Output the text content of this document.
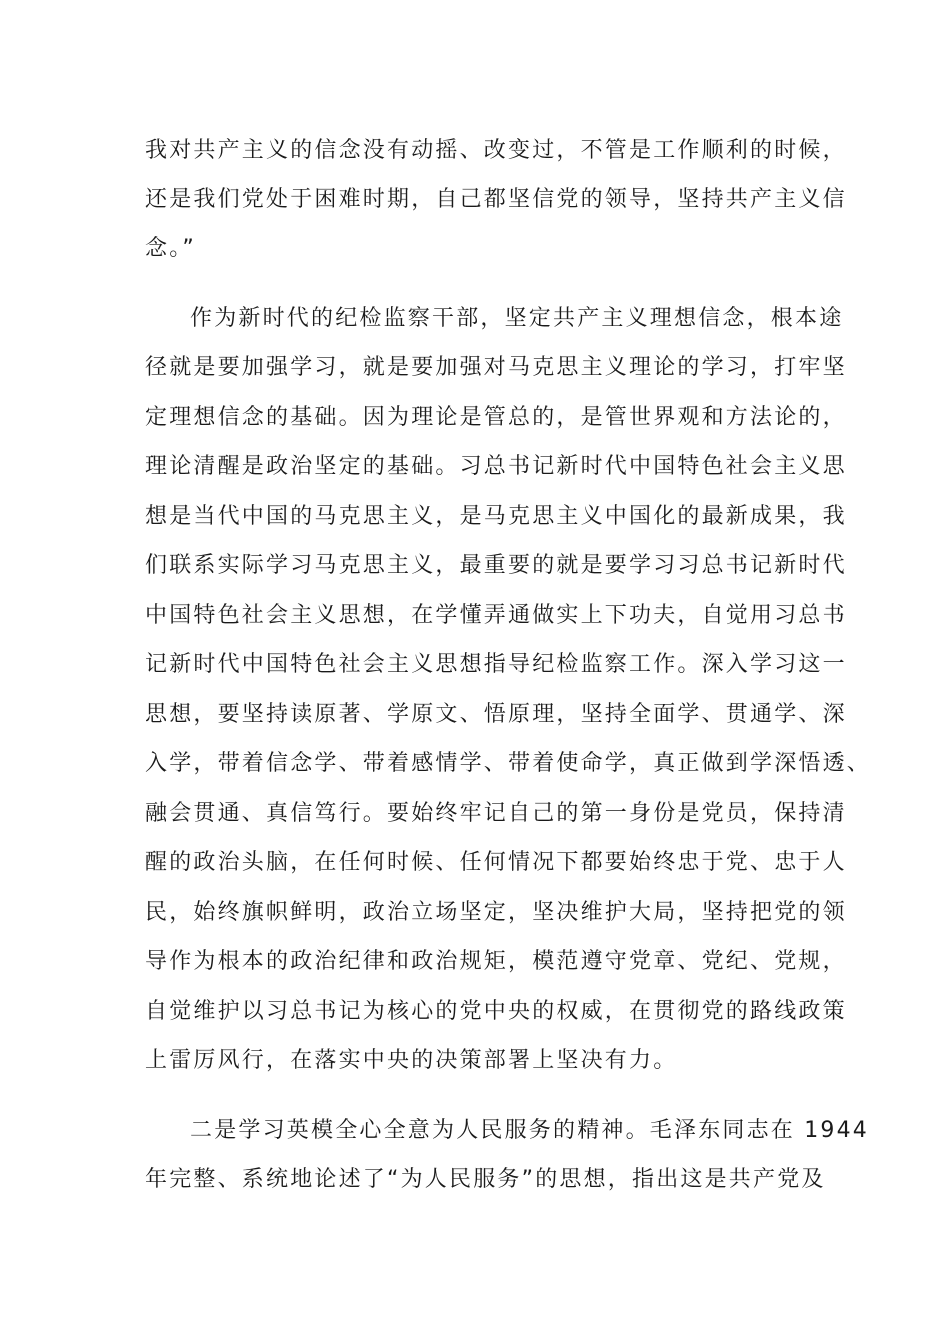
我对共产主义的信念没有动摇、改变过，不管是工作顺利的时候，
还是我们党处于困难时期，自己都坚信党的领导，坚持共产主义信
念。”
作为新时代的纪检监察干部，坚定共产主义理想信念，根本途
径就是要加强学习，就是要加强对马克思主义理论的学习，打牢坚
定理想信念的基础。因为理论是管总的，是管世界观和方法论的，
理论清醒是政治坚定的基础。习总书记新时代中国特色社会主义思
想是当代中国的马克思主义，是马克思主义中国化的最新成果，我
们联系实际学习马克思主义，最重要的就是要学习习总书记新时代
中国特色社会主义思想，在学懂弄通做实上下功夫，自觉用习总书
记新时代中国特色社会主义思想指导纪检监察工作。深入学习这一
思想，要坚持读原著、学原文、悟原理，坚持全面学、贯通学、深
入学，带着信念学、带着感情学、带着使命学，真正做到学深悟透、
融会贯通、真信笃行。要始终牢记自己的第一身份是党员，保持清
醒的政治头脑，在任何时候、任何情况下都要始终忠于党、忠于人
民，始终旗帜鲜明，政治立场坚定，坚决维护大局，坚持把党的领
导作为根本的政治纪律和政治规矩，模范遵守党章、党纪、党规，
自觉维护以习总书记为核心的党中央的权威，在贯彻党的路线政策
上雷厉风行，在落实中央的决策部署上坚决有力。
二是学习英模全心全意为人民服务的精神。毛泽东同志在 1944
年完整、系统地论述了“为人民服务”的思想，指出这是共产党及
